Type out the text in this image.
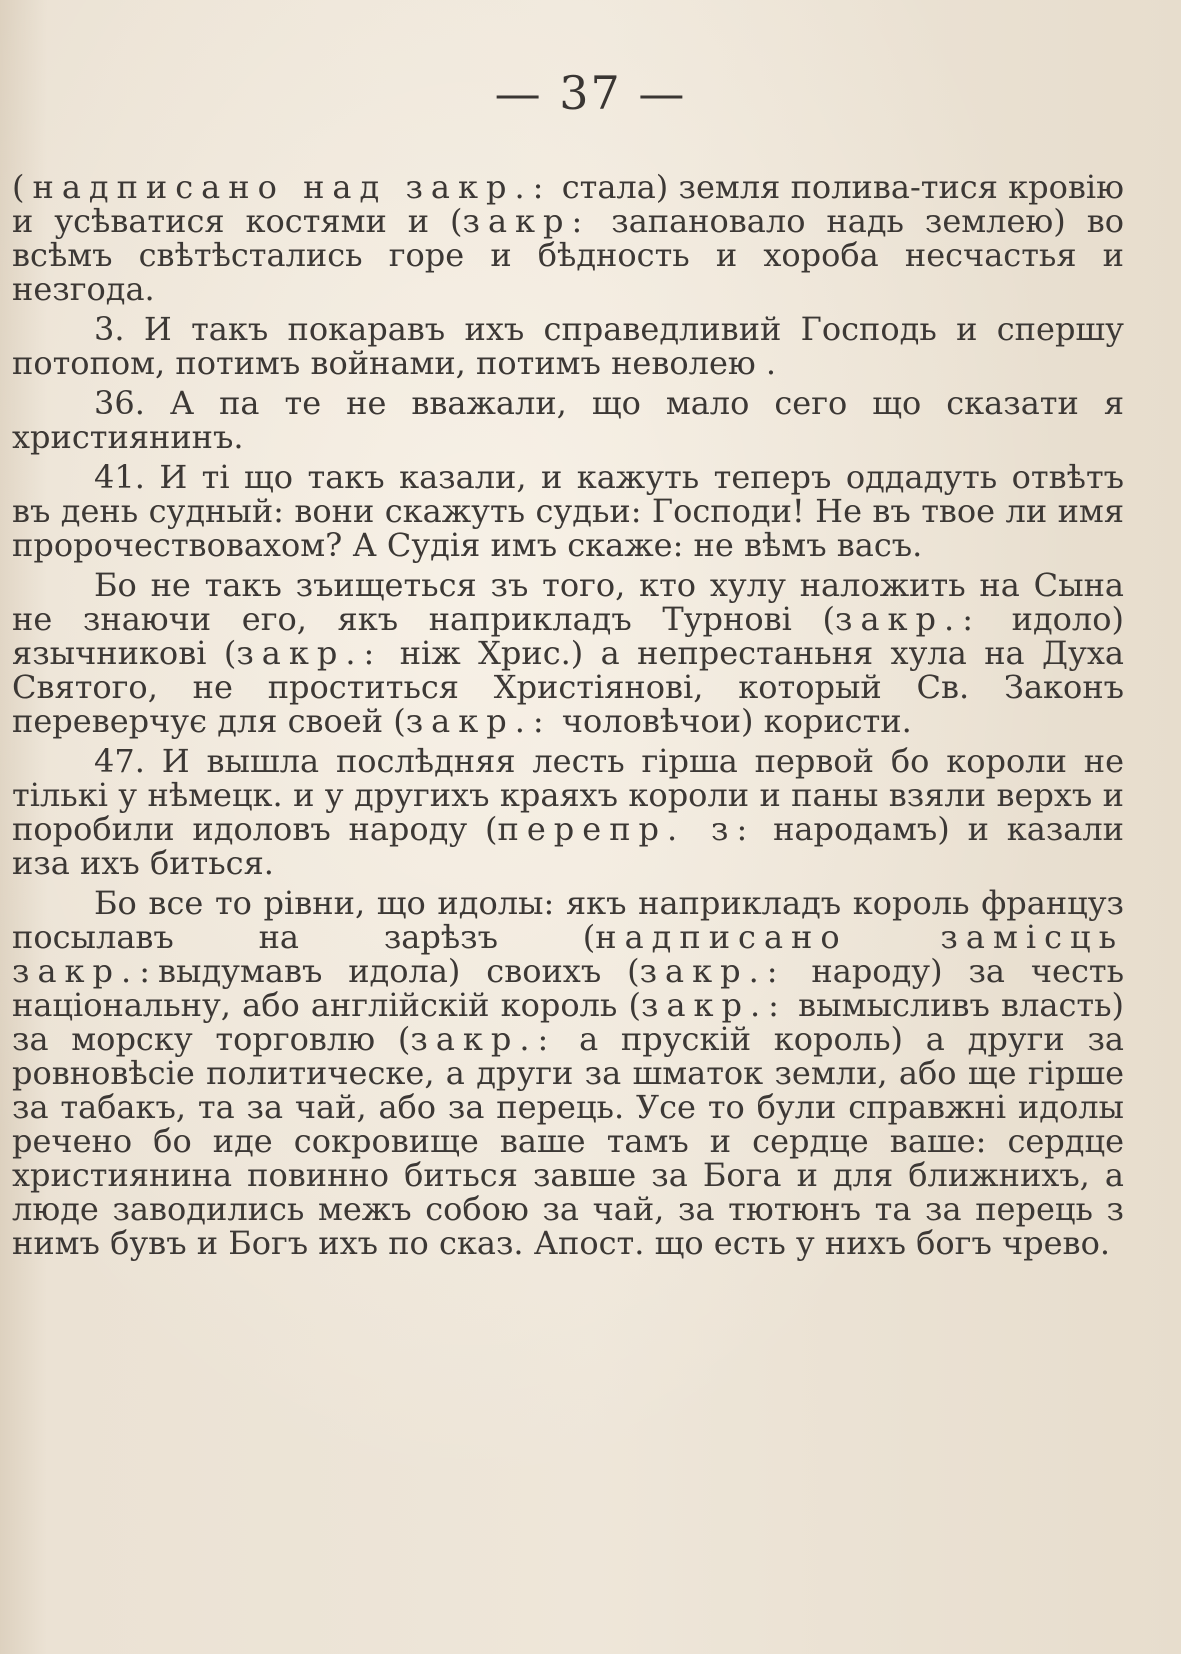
— 37 —

(надписано над закр.: стала) земля полива-тися кровію и усѣватися костями и (закр: запановало надь землею) во всѣмъ свѣтѣстались горе и бѣдность и хороба несчастья и незгода.

3. И такъ покаравъ ихъ справедливий Господь и спершу потопом, потимъ войнами, потимъ неволею .

36. А па те не вважали, що мало сего що сказати я християнинъ.

41. И ті що такъ казали, и кажуть теперъ оддадуть отвѣтъ въ день судный: вони скажуть судьи: Господи! Не въ твое ли имя пророчествовахом? А Судія имъ скаже: не вѣмъ васъ.

Бо не такъ зъищеться зъ того, кто хулу наложить на Сына не знаючи его, якъ наприкладъ Турнові (закр.: идоло) язычникові (закр.: ніж Хрис.) а непрестаньня хула на Духа Святого, не проститься Христіянові, который Св. Законъ переверчує для своей (закр.: чоловѣчои) користи.

47. И вышла послѣдняя лесть гірша первой бо короли не тількі у нѣмецк. и у другихъ краяхъ короли и паны взяли верхъ и поробили идоловъ народу (перепр. з: народамъ) и казали иза ихъ биться.

Бо все то рівни, що идолы: якъ наприкладъ король француз посылавъ на зарѣзъ (надписано замісць закр.:выдумавъ идола) своихъ (закр.: народу) за честь національну, або англійскій король (закр.: вымысливъ власть) за морску торговлю (закр.: а прускій король) а други за ровновѣсіе политическе, а други за шматок земли, або ще гірше за табакъ, та за чай, або за перець. Усе то були справжні идолы речено бо иде сокровище ваше тамъ и сердце ваше: сердце християнина повинно биться завше за Бога и для ближнихъ, а люде заводились межъ собою за чай, за тютюнъ та за перець з нимъ бувъ и Богъ ихъ по сказ. Апост. що есть у нихъ богъ чрево.
